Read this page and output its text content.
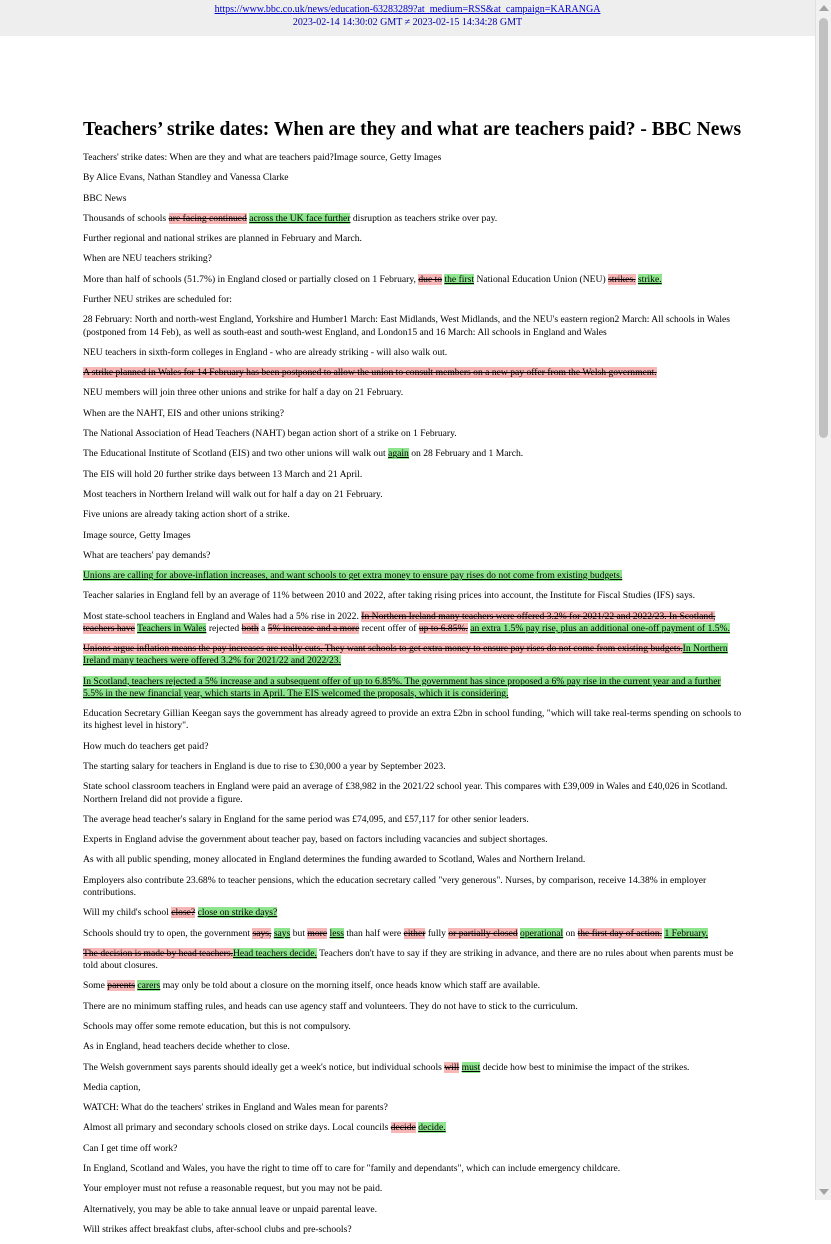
https://www.bbc.co.uk/news/education-63283289?at_medium=RSS&at_campaign=KARANGA
2023-02-14 14:30:02 GMT ≠ 2023-02-15 14:34:28 GMT
Teachers’ strike dates: When are they and what are teachers paid? - BBC News

Teachers' strike dates: When are they and what are teachers paid?Image source, Getty Images

By Alice Evans, Nathan Standley and Vanessa Clarke

BBC News

Thousands of schools are facing continued across the UK face further disruption as teachers strike over pay.

Further regional and national strikes are planned in February and March.

When are NEU teachers striking?

More than half of schools (51.7%) in England closed or partially closed on 1 February, due to the first National Education Union (NEU) strikes. strike.

Further NEU strikes are scheduled for:

28 February: North and north-west England, Yorkshire and Humber1 March: East Midlands, West Midlands, and the NEU's eastern region2 March: All schools in Wales (postponed from 14 Feb), as well as south-east and south-west England, and London15 and 16 March: All schools in England and Wales

NEU teachers in sixth-form colleges in England - who are already striking - will also walk out.

A strike planned in Wales for 14 February has been postponed to allow the union to consult members on a new pay offer from the Welsh government.

NEU members will join three other unions and strike for half a day on 21 February.

When are the NAHT, EIS and other unions striking?

The National Association of Head Teachers (NAHT) began action short of a strike on 1 February.

The Educational Institute of Scotland (EIS) and two other unions will walk out again on 28 February and 1 March.

The EIS will hold 20 further strike days between 13 March and 21 April.

Most teachers in Northern Ireland will walk out for half a day on 21 February.

Five unions are already taking action short of a strike.

Image source, Getty Images

What are teachers' pay demands?

Unions are calling for above-inflation increases, and want schools to get extra money to ensure pay rises do not come from existing budgets.

Teacher salaries in England fell by an average of 11% between 2010 and 2022, after taking rising prices into account, the Institute for Fiscal Studies (IFS) says.

Most state-school teachers in England and Wales had a 5% rise in 2022. In Northern Ireland many teachers were offered 3.2% for 2021/22 and 2022/23. In Scotland, teachers have Teachers in Wales rejected both a 5% increase and a more recent offer of up to 6.85%. an extra 1.5% pay rise, plus an additional one-off payment of 1.5%.

Unions argue inflation means the pay increases are really cuts. They want schools to get extra money to ensure pay rises do not come from existing budgets.In Northern Ireland many teachers were offered 3.2% for 2021/22 and 2022/23.

In Scotland, teachers rejected a 5% increase and a subsequent offer of up to 6.85%. The government has since proposed a 6% pay rise in the current year and a further 5.5% in the new financial year, which starts in April. The EIS welcomed the proposals, which it is considering.

Education Secretary Gillian Keegan says the government has already agreed to provide an extra £2bn in school funding, "which will take real-terms spending on schools to its highest level in history".

How much do teachers get paid?

The starting salary for teachers in England is due to rise to £30,000 a year by September 2023.

State school classroom teachers in England were paid an average of £38,982 in the 2021/22 school year. This compares with £39,009 in Wales and £40,026 in Scotland. Northern Ireland did not provide a figure.

The average head teacher's salary in England for the same period was £74,095, and £57,117 for other senior leaders.

Experts in England advise the government about teacher pay, based on factors including vacancies and subject shortages.

As with all public spending, money allocated in England determines the funding awarded to Scotland, Wales and Northern Ireland.

Employers also contribute 23.68% to teacher pensions, which the education secretary called "very generous". Nurses, by comparison, receive 14.38% in employer contributions.

Will my child's school close? close on strike days?

Schools should try to open, the government says, says but more less than half were either fully or partially closed operational on the first day of action. 1 February.

The decision is made by head teachers.Head teachers decide. Teachers don't have to say if they are striking in advance, and there are no rules about when parents must be told about closures.

Some parents carers may only be told about a closure on the morning itself, once heads know which staff are available.

There are no minimum staffing rules, and heads can use agency staff and volunteers. They do not have to stick to the curriculum.

Schools may offer some remote education, but this is not compulsory.

As in England, head teachers decide whether to close.

The Welsh government says parents should ideally get a week's notice, but individual schools will must decide how best to minimise the impact of the strikes.

Media caption,

WATCH: What do the teachers' strikes in England and Wales mean for parents?

Almost all primary and secondary schools closed on strike days. Local councils decide decide.

Can I get time off work?

In England, Scotland and Wales, you have the right to time off to care for "family and dependants", which can include emergency childcare.

Your employer must not refuse a reasonable request, but you may not be paid.

Alternatively, you may be able to take annual leave or unpaid parental leave.

Will strikes affect breakfast clubs, after-school clubs and pre-schools?
